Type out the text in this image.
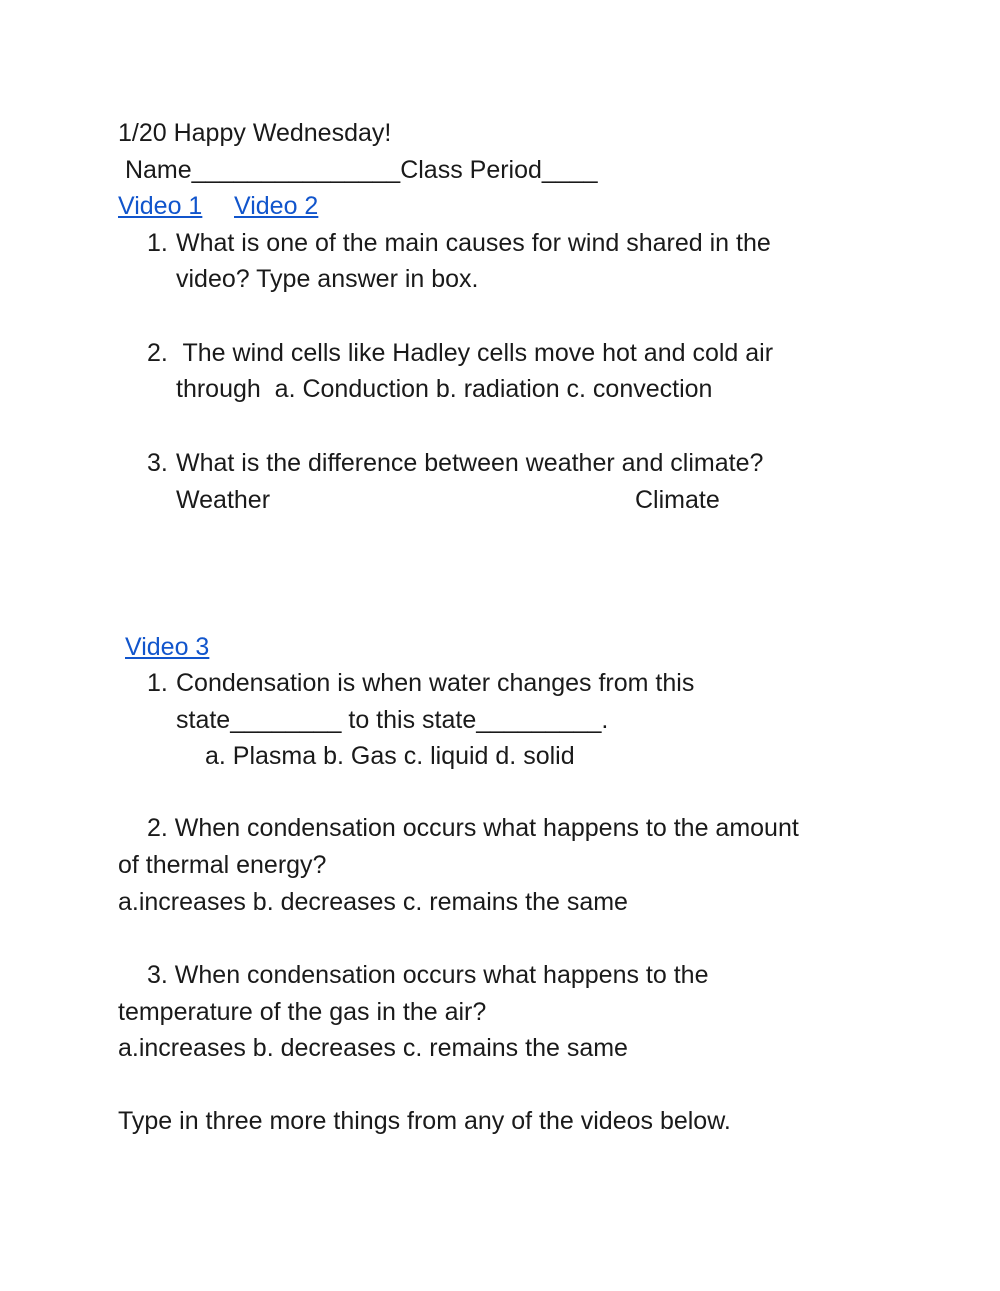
1/20 Happy Wednesday!
Name_______________Class Period____
Video 1 Video 2
1. What is one of the main causes for wind shared in the
video? Type answer in box.
2. The wind cells like Hadley cells move hot and cold air
through  a. Conduction b. radiation c. convection
3. What is the difference between weather and climate?
Weather	Climate
Video 3
1. Condensation is when water changes from this
state________ to this state_________.
a. Plasma b. Gas c. liquid d. solid
2. When condensation occurs what happens to the amount
of thermal energy?
a.increases b. decreases c. remains the same
3. When condensation occurs what happens to the
temperature of the gas in the air?
a.increases b. decreases c. remains the same
Type in three more things from any of the videos below.
